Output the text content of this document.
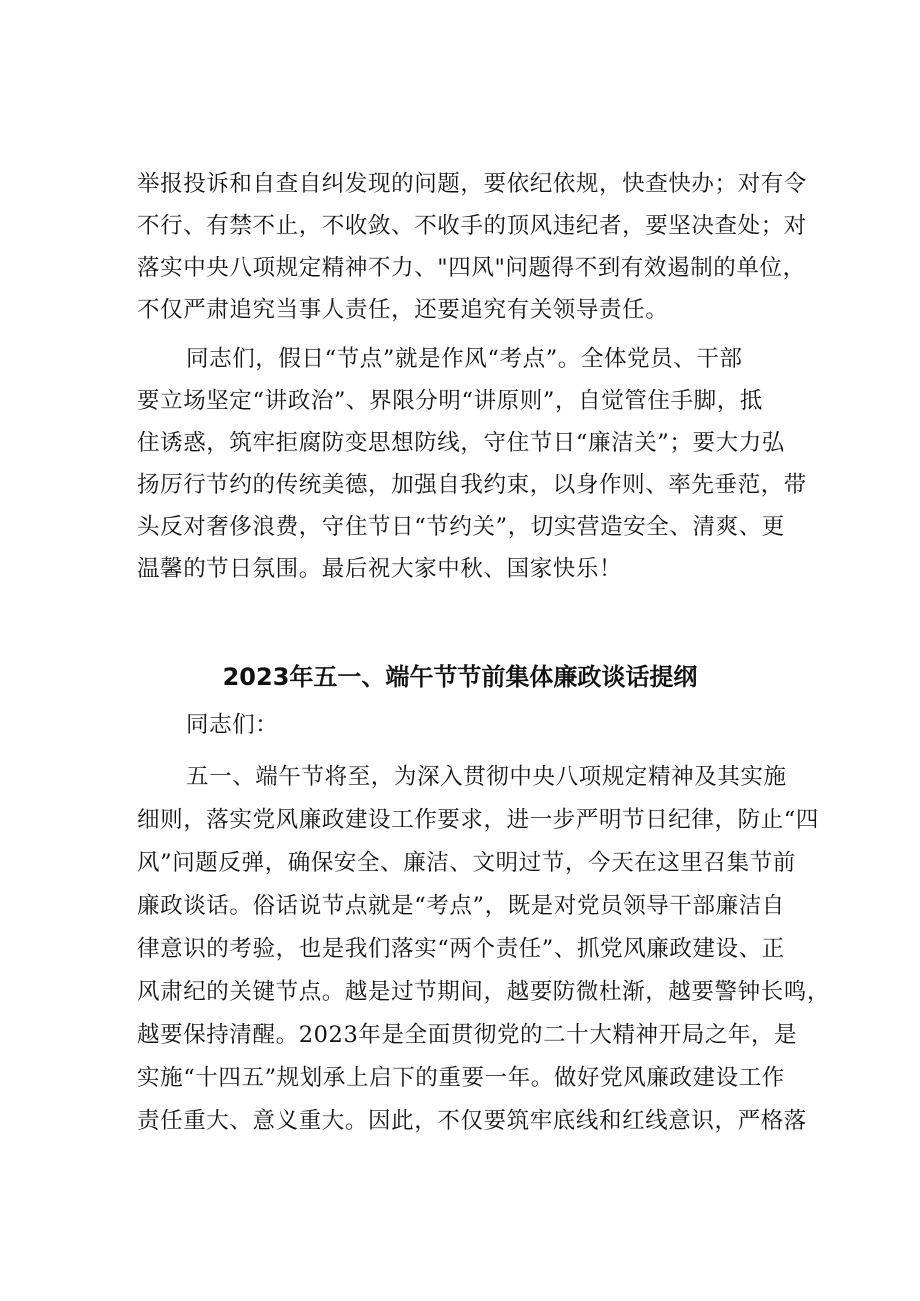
举报投诉和自查自纠发现的问题，要依纪依规，快查快办；对有令
不行、有禁不止，不收敛、不收手的顶风违纪者，要坚决查处；对
落实中央八项规定精神不力、"四风"问题得不到有效遏制的单位，
不仅严肃追究当事人责任，还要追究有关领导责任。
同志们，假日“节点”就是作风“考点”。全体党员、干部
要立场坚定“讲政治”、界限分明“讲原则”，自觉管住手脚，抵
住诱惑，筑牢拒腐防变思想防线，守住节日“廉洁关”；要大力弘
扬厉行节约的传统美德，加强自我约束，以身作则、率先垂范，带
头反对奢侈浪费，守住节日“节约关”，切实营造安全、清爽、更
温馨的节日氛围。最后祝大家中秋、国家快乐！
2023年五一、端午节节前集体廉政谈话提纲
同志们：
五一、端午节将至，为深入贯彻中央八项规定精神及其实施
细则，落实党风廉政建设工作要求，进一步严明节日纪律，防止“四
风”问题反弹，确保安全、廉洁、文明过节，今天在这里召集节前
廉政谈话。俗话说节点就是“考点”，既是对党员领导干部廉洁自
律意识的考验，也是我们落实“两个责任”、抓党风廉政建设、正
风肃纪的关键节点。越是过节期间，越要防微杜渐，越要警钟长鸣，
越要保持清醒。2023年是全面贯彻党的二十大精神开局之年，是
实施“十四五”规划承上启下的重要一年。做好党风廉政建设工作
责任重大、意义重大。因此，不仅要筑牢底线和红线意识，严格落
